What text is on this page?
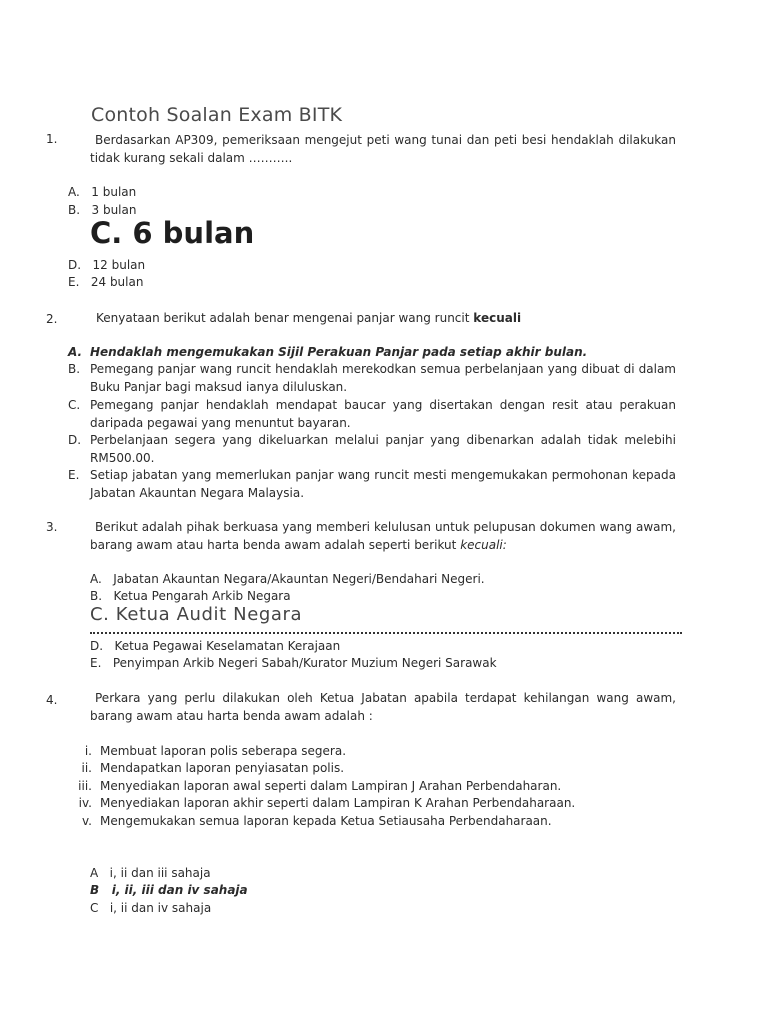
Contoh Soalan Exam BITK
1.	Berdasarkan AP309, pemeriksaan mengejut peti wang tunai dan peti besi hendaklah dilakukan tidak kurang sekali dalam ………..
A. 1 bulan
B. 3 bulan
C. 6 bulan
D. 12 bulan
E. 24 bulan
2.	Kenyataan berikut adalah benar mengenai panjar wang runcit kecuali
A. Hendaklah mengemukakan Sijil Perakuan Panjar pada setiap akhir bulan.
B. Pemegang panjar wang runcit hendaklah merekodkan semua perbelanjaan yang dibuat di dalam Buku Panjar bagi maksud ianya diluluskan.
C. Pemegang panjar hendaklah mendapat baucar yang disertakan dengan resit atau perakuan daripada pegawai yang menuntut bayaran.
D. Perbelanjaan segera yang dikeluarkan melalui panjar yang dibenarkan adalah tidak melebihi RM500.00.
E. Setiap jabatan yang memerlukan panjar wang runcit mesti mengemukakan permohonan kepada Jabatan Akauntan Negara Malaysia.
3.	Berikut adalah pihak berkuasa yang memberi kelulusan untuk pelupusan dokumen wang awam, barang awam atau harta benda awam adalah seperti berikut kecuali:
A. Jabatan Akauntan Negara/Akauntan Negeri/Bendahari Negeri.
B. Ketua Pengarah Arkib Negara
C. Ketua Audit Negara
D. Ketua Pegawai Keselamatan Kerajaan
E. Penyimpan Arkib Negeri Sabah/Kurator Muzium Negeri Sarawak
4.	Perkara yang perlu dilakukan oleh Ketua Jabatan apabila terdapat kehilangan wang awam, barang awam atau harta benda awam adalah :
i. Membuat laporan polis seberapa segera.
ii. Mendapatkan laporan penyiasatan polis.
iii. Menyediakan laporan awal seperti dalam Lampiran J Arahan Perbendaharan.
iv. Menyediakan laporan akhir seperti dalam Lampiran K Arahan Perbendaharaan.
v. Mengemukakan semua laporan kepada Ketua Setiausaha Perbendaharaan.
A i, ii dan iii sahaja
B i, ii, iii dan iv sahaja
C i, ii dan iv sahaja
